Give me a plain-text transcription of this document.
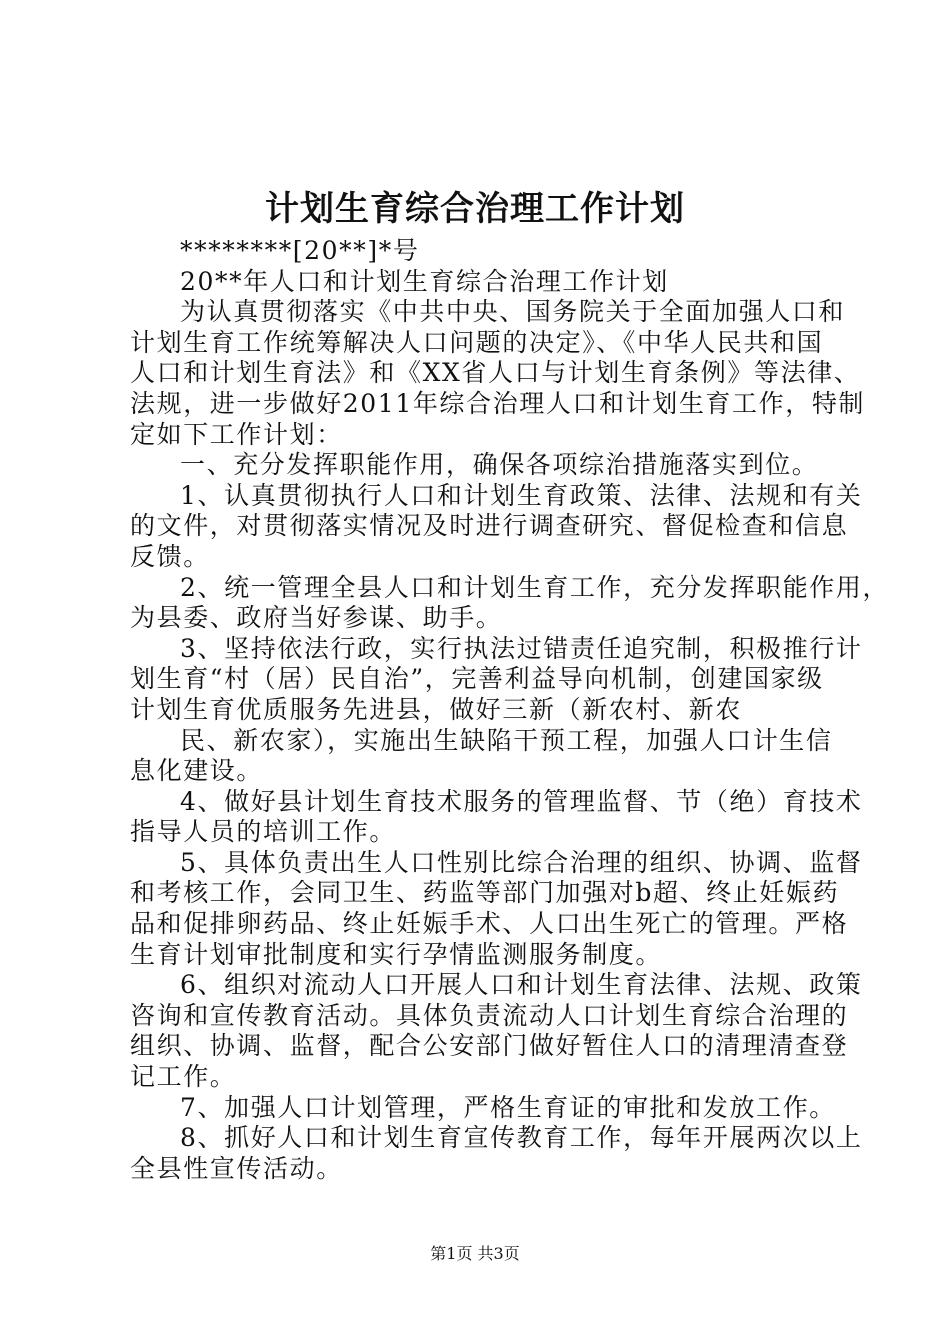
计划生育综合治理工作计划
********[20**]*号
20**年人口和计划生育综合治理工作计划
为认真贯彻落实《中共中央、国务院关于全面加强人口和
计划生育工作统筹解决人口问题的决定》、《中华人民共和国
人口和计划生育法》和《XX省人口与计划生育条例》等法律、
法规，进一步做好2011年综合治理人口和计划生育工作，特制
定如下工作计划：
一、充分发挥职能作用，确保各项综治措施落实到位。
1、认真贯彻执行人口和计划生育政策、法律、法规和有关
的文件，对贯彻落实情况及时进行调查研究、督促检查和信息
反馈。
2、统一管理全县人口和计划生育工作，充分发挥职能作用，
为县委、政府当好参谋、助手。
3、坚持依法行政，实行执法过错责任追究制，积极推行计
划生育“村（居）民自治”，完善利益导向机制，创建国家级
计划生育优质服务先进县，做好三新（新农村、新农
民、新农家），实施出生缺陷干预工程，加强人口计生信
息化建设。
4、做好县计划生育技术服务的管理监督、节（绝）育技术
指导人员的培训工作。
5、具体负责出生人口性别比综合治理的组织、协调、监督
和考核工作，会同卫生、药监等部门加强对b超、终止妊娠药
品和促排卵药品、终止妊娠手术、人口出生死亡的管理。严格
生育计划审批制度和实行孕情监测服务制度。
6、组织对流动人口开展人口和计划生育法律、法规、政策
咨询和宣传教育活动。具体负责流动人口计划生育综合治理的
组织、协调、监督，配合公安部门做好暂住人口的清理清查登
记工作。
7、加强人口计划管理，严格生育证的审批和发放工作。
8、抓好人口和计划生育宣传教育工作，每年开展两次以上
全县性宣传活动。
第1页 共3页
